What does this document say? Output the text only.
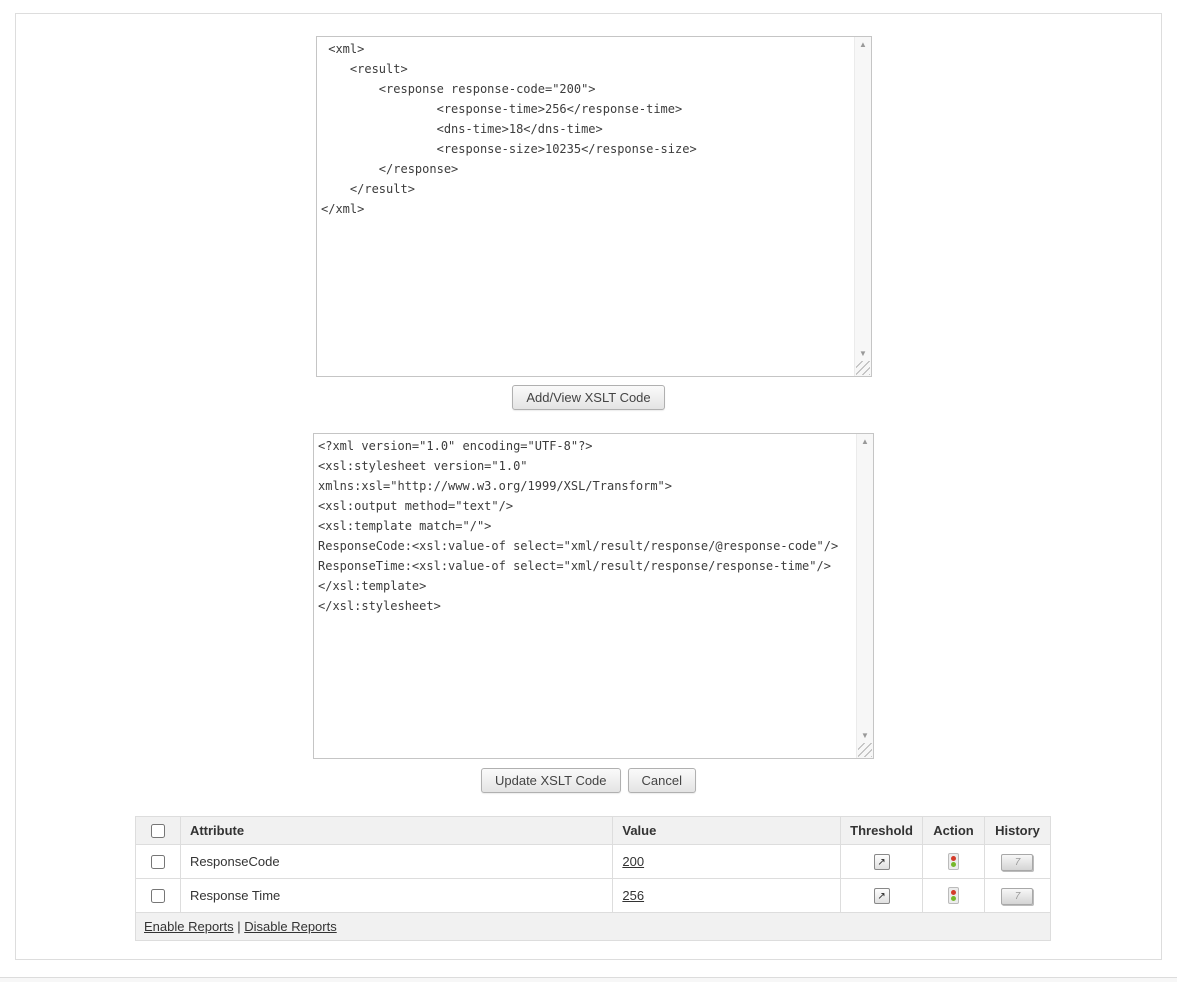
<xml> <result> <response response-code="200"> <response-time>256</response-time> <dns-time>18</dns-time> <response-size>10235</response-size> </response> </result> </xml>
▲
▼
Add/View XSLT Code
<?xml version="1.0" encoding="UTF-8"?> <xsl:stylesheet version="1.0" xmlns:xsl="http://www.w3.org/1999/XSL/Transform"> <xsl:output method="text"/> <xsl:template match="/"> ResponseCode:<xsl:value-of select="xml/result/response/@response-code"/> ResponseTime:<xsl:value-of select="xml/result/response/response-time"/> </xsl:template> </xsl:stylesheet>
▲
▼
Update XSLT Code	Cancel
	Attribute	Value	Threshold	Action	History
	ResponseCode	200	↗		7
	Response Time	256	↗		7
Enable Reports | Disable Reports					
